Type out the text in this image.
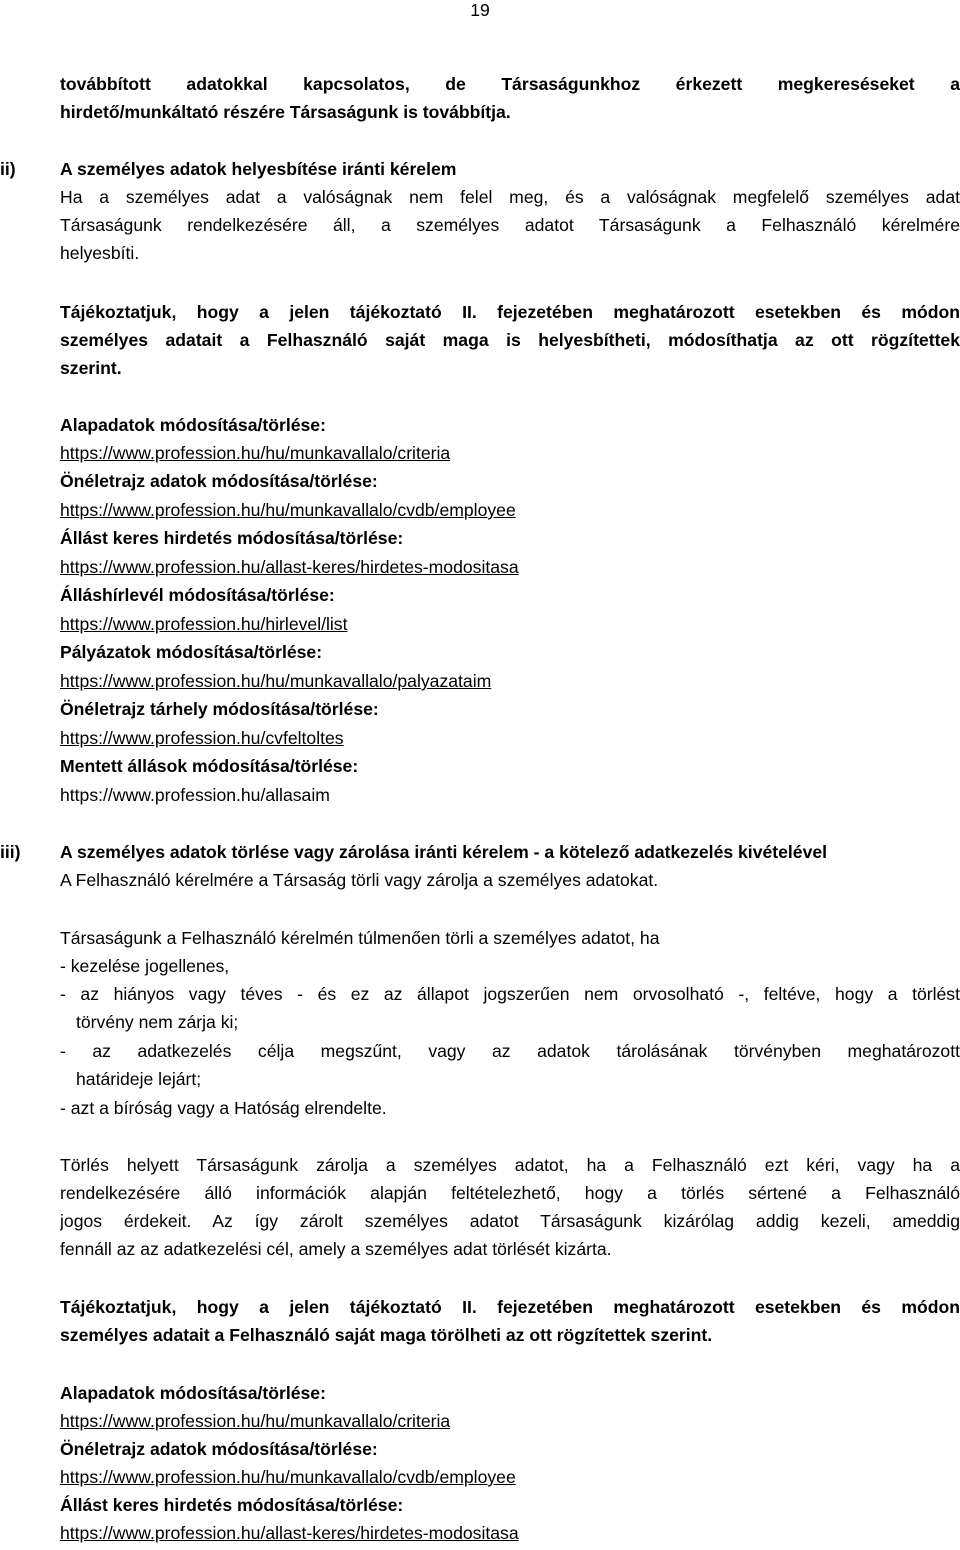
19
továbbított adatokkal kapcsolatos, de Társaságunkhoz érkezett megkereséseket a
hirdető/munkáltató részére Társaságunk is továbbítja.
ii)	A személyes adatok helyesbítése iránti kérelem
Ha a személyes adat a valóságnak nem felel meg, és a valóságnak megfelelő személyes adat
Társaságunk rendelkezésére áll, a személyes adatot Társaságunk a Felhasználó kérelmére
helyesbíti.
Tájékoztatjuk, hogy a jelen tájékoztató II. fejezetében meghatározott esetekben és módon
személyes adatait a Felhasználó saját maga is helyesbítheti, módosíthatja az ott rögzítettek
szerint.
Alapadatok módosítása/törlése:
https://www.profession.hu/hu/munkavallalo/criteria
Önéletrajz adatok módosítása/törlése:
https://www.profession.hu/hu/munkavallalo/cvdb/employee
Állást keres hirdetés módosítása/törlése:
https://www.profession.hu/allast-keres/hirdetes-modositasa
Álláshírlevél módosítása/törlése:
https://www.profession.hu/hirlevel/list
Pályázatok módosítása/törlése:
https://www.profession.hu/hu/munkavallalo/palyazataim
Önéletrajz tárhely módosítása/törlése:
https://www.profession.hu/cvfeltoltes
Mentett állások módosítása/törlése:
https://www.profession.hu/allasaim
iii) A személyes adatok törlése vagy zárolása iránti kérelem - a kötelező adatkezelés kivételével
A Felhasználó kérelmére a Társaság törli vagy zárolja a személyes adatokat.
Társaságunk a Felhasználó kérelmén túlmenően törli a személyes adatot, ha
- kezelése jogellenes,
- az hiányos vagy téves - és ez az állapot jogszerűen nem orvosolható -, feltéve, hogy a törlést
törvény nem zárja ki;
- az adatkezelés célja megszűnt, vagy az adatok tárolásának törvényben meghatározott
határideje lejárt;
- azt a bíróság vagy a Hatóság elrendelte.
Törlés helyett Társaságunk zárolja a személyes adatot, ha a Felhasználó ezt kéri, vagy ha a
rendelkezésére álló információk alapján feltételezhető, hogy a törlés sértené a Felhasználó
jogos érdekeit. Az így zárolt személyes adatot Társaságunk kizárólag addig kezeli, ameddig
fennáll az az adatkezelési cél, amely a személyes adat törlését kizárta.
Tájékoztatjuk, hogy a jelen tájékoztató II. fejezetében meghatározott esetekben és módon
személyes adatait a Felhasználó saját maga törölheti az ott rögzítettek szerint.
Alapadatok módosítása/törlése:
https://www.profession.hu/hu/munkavallalo/criteria
Önéletrajz adatok módosítása/törlése:
https://www.profession.hu/hu/munkavallalo/cvdb/employee
Állást keres hirdetés módosítása/törlése:
https://www.profession.hu/allast-keres/hirdetes-modositasa
